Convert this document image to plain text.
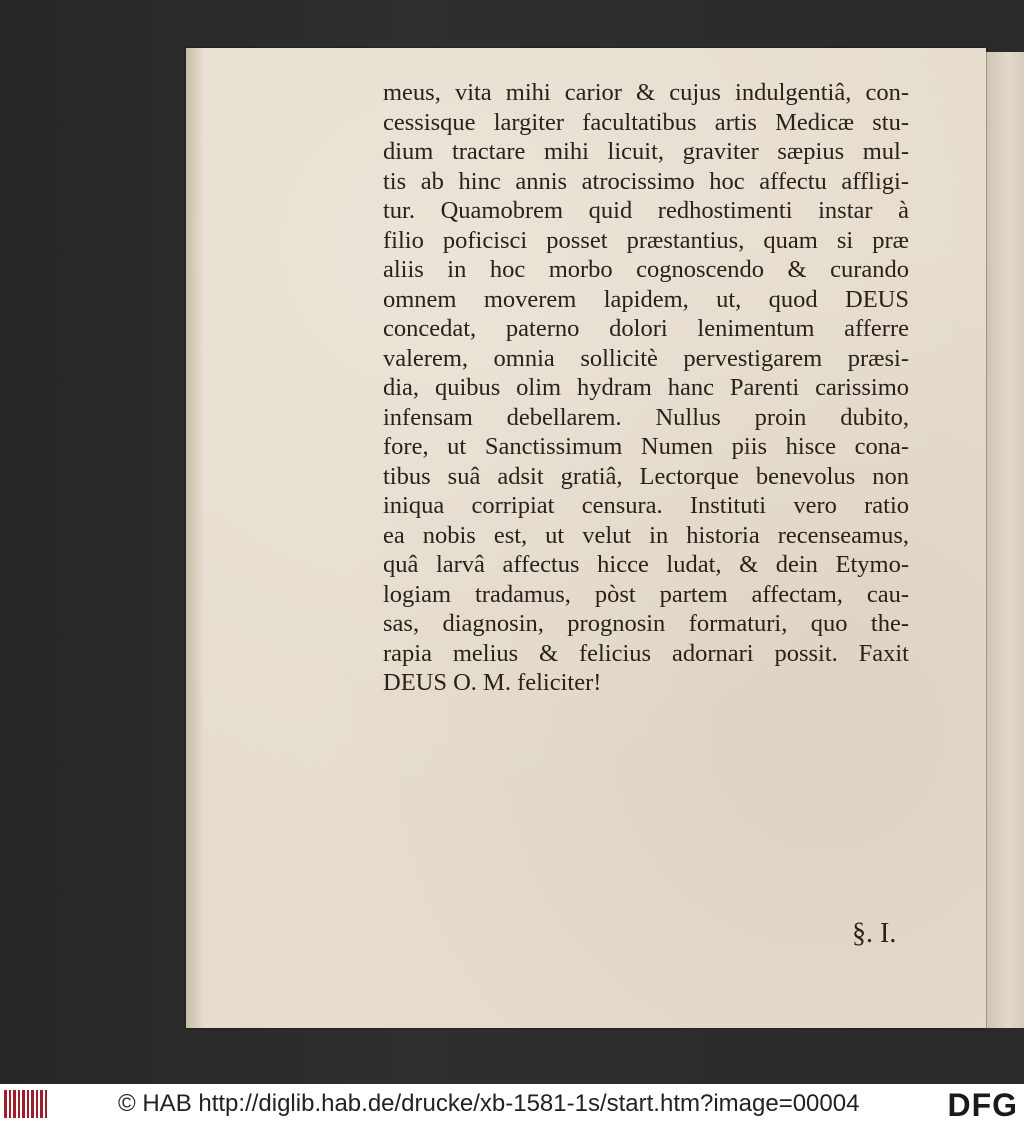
meus, vita mihi carior & cujus indulgentiâ, con-
cessisque largiter facultatibus artis Medicæ stu-
dium tractare mihi licuit, graviter sæpius mul-
tis ab hinc annis atrocissimo hoc affectu affligi-
tur. Quamobrem quid redhostimenti instar à
filio poficisci posset præstantius, quam si præ
aliis in hoc morbo cognoscendo & curando
omnem moverem lapidem, ut, quod DEUS
concedat, paterno dolori lenimentum afferre
valerem, omnia sollicitè pervestigarem præsi-
dia, quibus olim hydram hanc Parenti carissimo
infensam debellarem. Nullus proin dubito,
fore, ut Sanctissimum Numen piis hisce cona-
tibus suâ adsit gratiâ, Lectorque benevolus non
iniqua corripiat censura. Instituti vero ratio
ea nobis est, ut velut in historia recenseamus,
quâ larvâ affectus hicce ludat, & dein Etymo-
logiam tradamus, pòst partem affectam, cau-
sas, diagnosin, prognosin formaturi, quo the-
rapia melius & felicius adornari possit. Faxit
DEUS O. M. feliciter!
§. I.
© HAB http://diglib.hab.de/drucke/xb-1581-1s/start.htm?image=00004	DFG
